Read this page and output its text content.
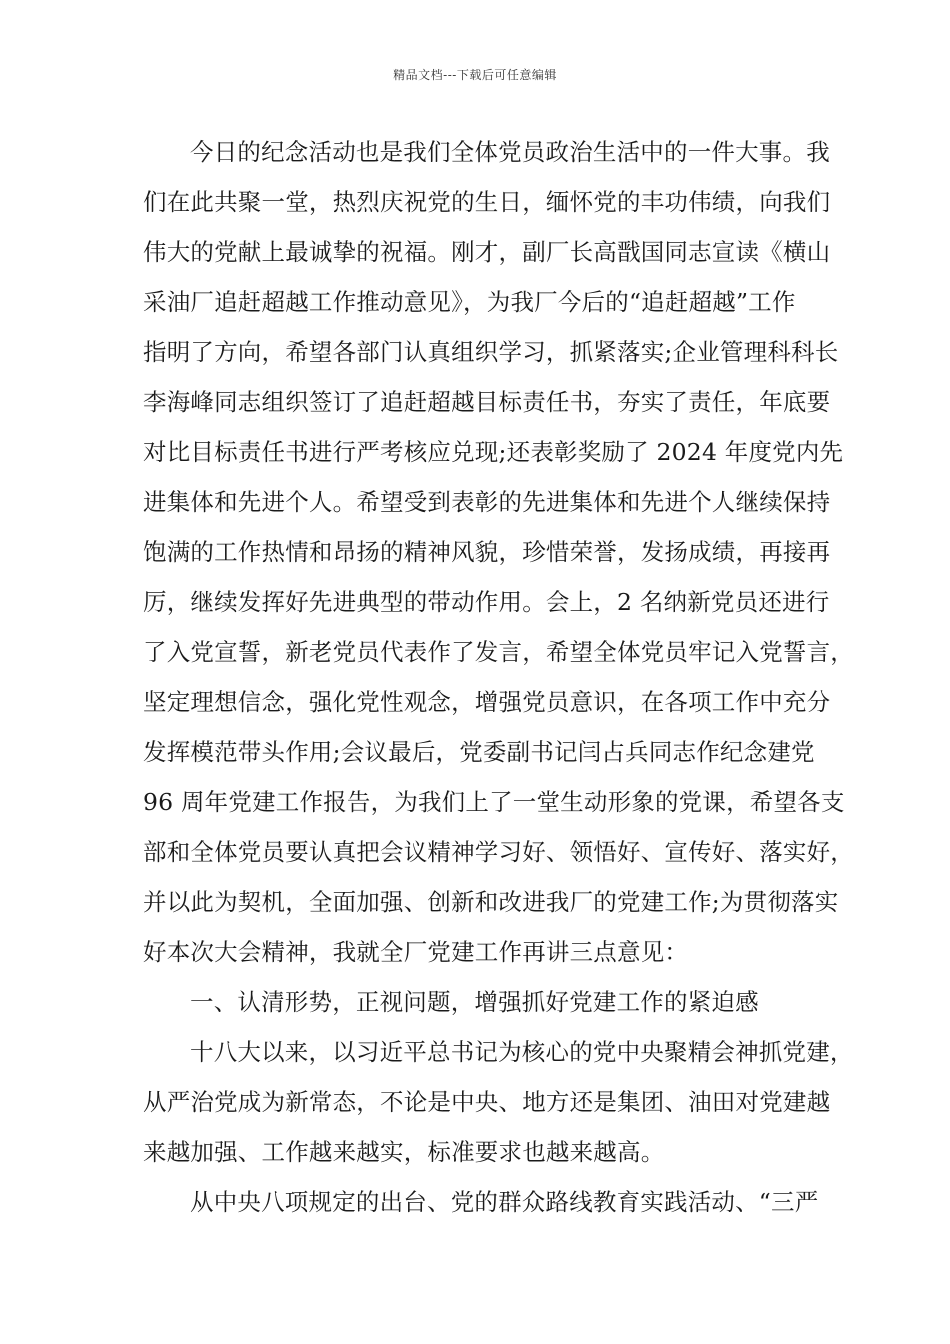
精品文档---下载后可任意编辑
今日的纪念活动也是我们全体党员政治生活中的一件大事。我
们在此共聚一堂，热烈庆祝党的生日，缅怀党的丰功伟绩，向我们
伟大的党献上最诚挚的祝福。刚才，副厂长高戬国同志宣读《横山
采油厂追赶超越工作推动意见》，为我厂今后的“追赶超越”工作
指明了方向，希望各部门认真组织学习，抓紧落实;企业管理科科长
李海峰同志组织签订了追赶超越目标责任书，夯实了责任，年底要
对比目标责任书进行严考核应兑现;还表彰奖励了 2024 年度党内先
进集体和先进个人。希望受到表彰的先进集体和先进个人继续保持
饱满的工作热情和昂扬的精神风貌，珍惜荣誉，发扬成绩，再接再
厉，继续发挥好先进典型的带动作用。会上，2 名纳新党员还进行
了入党宣誓，新老党员代表作了发言，希望全体党员牢记入党誓言，
坚定理想信念，强化党性观念，增强党员意识，在各项工作中充分
发挥模范带头作用;会议最后，党委副书记闫占兵同志作纪念建党
96 周年党建工作报告，为我们上了一堂生动形象的党课，希望各支
部和全体党员要认真把会议精神学习好、领悟好、宣传好、落实好，
并以此为契机，全面加强、创新和改进我厂的党建工作;为贯彻落实
好本次大会精神，我就全厂党建工作再讲三点意见：
一、认清形势，正视问题，增强抓好党建工作的紧迫感
十八大以来，以习近平总书记为核心的党中央聚精会神抓党建，
从严治党成为新常态，不论是中央、地方还是集团、油田对党建越
来越加强、工作越来越实，标准要求也越来越高。
从中央八项规定的出台、党的群众路线教育实践活动、“三严
